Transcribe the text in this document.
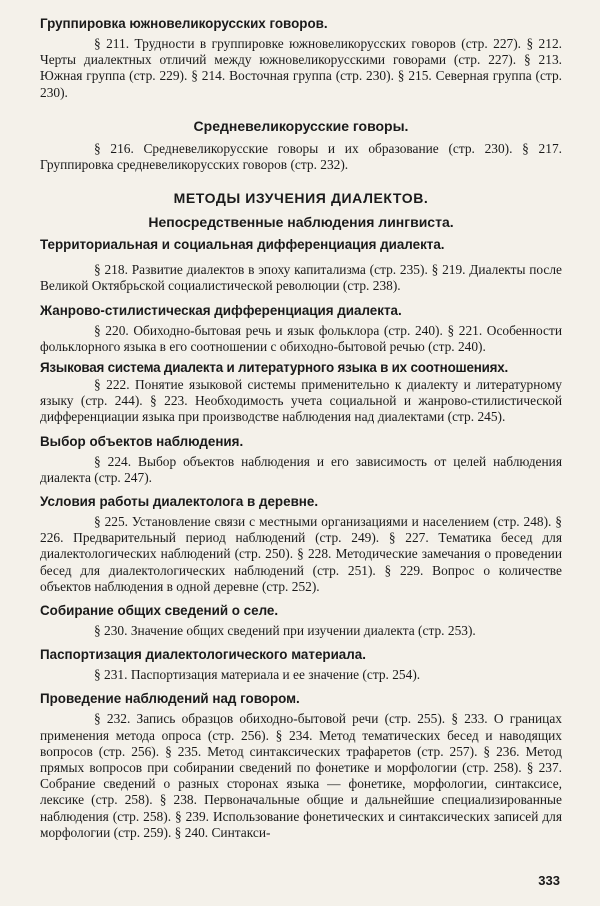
Группировка южновеликорусских говоров.

§ 211. Трудности в группировке южновеликорусских говоров (стр. 227). § 212. Черты диалектных отличий между южновеликорусскими говорами (стр. 227). § 213. Южная группа (стр. 229). § 214. Восточная группа (стр. 230). § 215. Северная группа (стр. 230).

Средневеликорусские говоры.

§ 216. Средневеликорусские говоры и их образование (стр. 230). § 217. Группировка средневеликорусских говоров (стр. 232).

МЕТОДЫ ИЗУЧЕНИЯ ДИАЛЕКТОВ.
Непосредственные наблюдения лингвиста.
Территориальная и социальная дифференциация диалекта.

§ 218. Развитие диалектов в эпоху капитализма (стр. 235). § 219. Диалекты после Великой Октябрьской социалистической революции (стр. 238).

Жанрово-стилистическая дифференциация диалекта.

§ 220. Обиходно-бытовая речь и язык фольклора (стр. 240). § 221. Особенности фольклорного языка в его соотношении с обиходно-бытовой речью (стр. 240).

Языковая система диалекта и литературного языка в их соотношениях.

§ 222. Понятие языковой системы применительно к диалекту и литературному языку (стр. 244). § 223. Необходимость учета социальной и жанрово-стилистической дифференциации языка при производстве наблюдения над диалектами (стр. 245).

Выбор объектов наблюдения.

§ 224. Выбор объектов наблюдения и его зависимость от целей наблюдения диалекта (стр. 247).

Условия работы диалектолога в деревне.

§ 225. Установление связи с местными организациями и населением (стр. 248). § 226. Предварительный период наблюдений (стр. 249). § 227. Тематика бесед для диалектологических наблюдений (стр. 250). § 228. Методические замечания о проведении бесед для диалектологических наблюдений (стр. 251). § 229. Вопрос о количестве объектов наблюдения в одной деревне (стр. 252).

Собирание общих сведений о селе.

§ 230. Значение общих сведений при изучении диалекта (стр. 253).

Паспортизация диалектологического материала.

§ 231. Паспортизация материала и ее значение (стр. 254).

Проведение наблюдений над говором.

§ 232. Запись образцов обиходно-бытовой речи (стр. 255). § 233. О границах применения метода опроса (стр. 256). § 234. Метод тематических бесед и наводящих вопросов (стр. 256). § 235. Метод синтаксических трафаретов (стр. 257). § 236. Метод прямых вопросов при собирании сведений по фонетике и морфологии (стр. 258). § 237. Собрание сведений о разных сторонах языка — фонетике, морфологии, синтаксисе, лексике (стр. 258). § 238. Первоначальные общие и дальнейшие специализированные наблюдения (стр. 258). § 239. Использование фонетических и синтаксических записей для морфологии (стр. 259). § 240. Синтакси-

333
